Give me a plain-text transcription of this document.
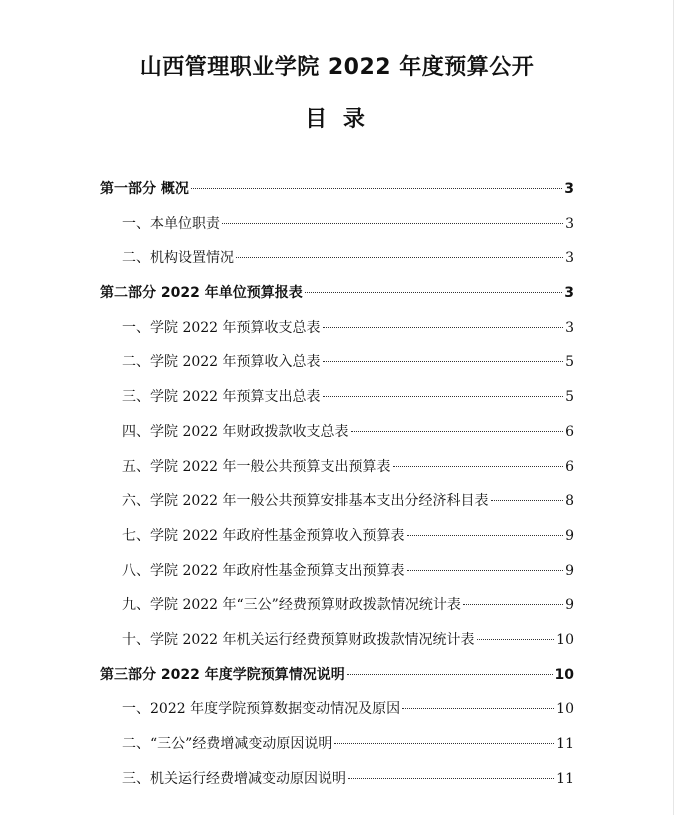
山西管理职业学院 2022 年度预算公开
目 录
第一部分 概况	3
一、本单位职责	3
二、机构设置情况	3
第二部分 2022 年单位预算报表	3
一、学院 2022 年预算收支总表	3
二、学院 2022 年预算收入总表	5
三、学院 2022 年预算支出总表	5
四、学院 2022 年财政拨款收支总表	6
五、学院 2022 年一般公共预算支出预算表	6
六、学院 2022 年一般公共预算安排基本支出分经济科目表	8
七、学院 2022 年政府性基金预算收入预算表	9
八、学院 2022 年政府性基金预算支出预算表	9
九、学院 2022 年“三公”经费预算财政拨款情况统计表	9
十、学院 2022 年机关运行经费预算财政拨款情况统计表	10
第三部分 2022 年度学院预算情况说明	10
一、2022 年度学院预算数据变动情况及原因	10
二、“三公”经费增减变动原因说明	11
三、机关运行经费增减变动原因说明	11
